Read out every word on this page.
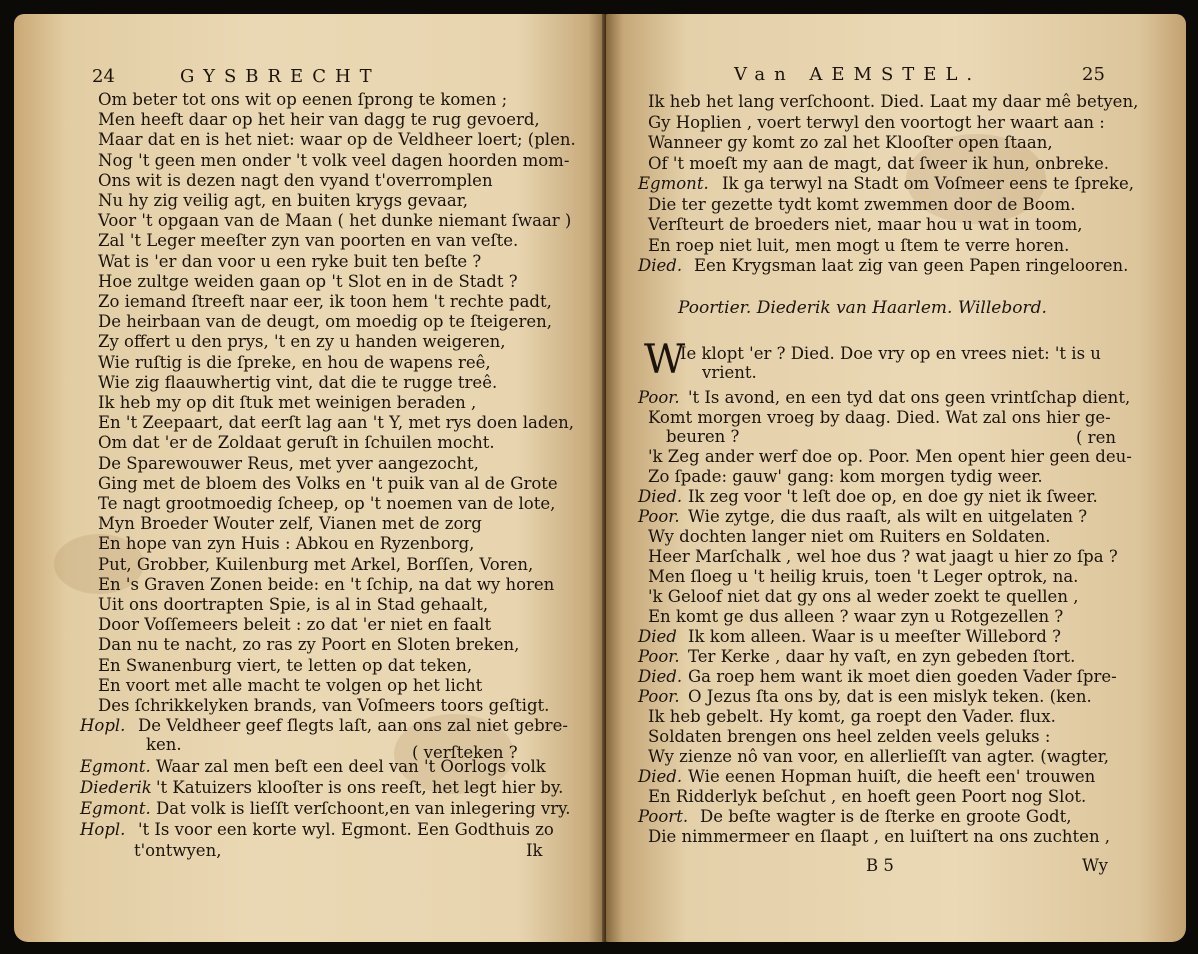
24	GYSBRECHT
Om beter tot ons wit op eenen ſprong te komen ;
Men heeft daar op het heir van dagg te rug gevoerd,
Maar dat en is het niet: waar op de Veldheer loert; (plen.
Nog 't geen men onder 't volk veel dagen hoorden mom-
Ons wit is dezen nagt den vyand t'overromplen
Nu hy zig veilig agt, en buiten krygs gevaar,
Voor 't opgaan van de Maan ( het dunke niemant ſwaar )
Zal 't Leger meeſter zyn van poorten en van veſte.
Wat is 'er dan voor u een ryke buit ten beſte ?
Hoe zultge weiden gaan op 't Slot en in de Stadt ?
Zo iemand ſtreeft naar eer, ik toon hem 't rechte padt,
De heirbaan van de deugt, om moedig op te ſteigeren,
Zy offert u den prys, 't en zy u handen weigeren,
Wie ruſtig is die ſpreke, en hou de wapens reê,
Wie zig flaauwhertig vint, dat die te rugge treê.
Ik heb my op dit ſtuk met weinigen beraden ,
En 't Zeepaart, dat eerſt lag aan 't Y, met rys doen laden,
Om dat 'er de Zoldaat geruſt in ſchuilen mocht.
De Sparewouwer Reus, met yver aangezocht,
Ging met de bloem des Volks en 't puik van al de Grote
Te nagt grootmoedig ſcheep, op 't noemen van de lote,
Myn Broeder Wouter zelf, Vianen met de zorg
En hope van zyn Huis : Abkou en Ryzenborg,
Put, Grobber, Kuilenburg met Arkel, Borſſen, Voren,
En 's Graven Zonen beide: en 't ſchip, na dat wy horen
Uit ons doortrapten Spie, is al in Stad gehaalt,
Door Voſſemeers beleit : zo dat 'er niet en faalt
Dan nu te nacht, zo ras zy Poort en Sloten breken,
En Swanenburg viert, te letten op dat teken,
En voort met alle macht te volgen op het licht
Des ſchrikkelyken brands, van Voſmeers toors geſtigt.
Hopl. De Veldheer geef ſlegts laſt, aan ons zal niet gebre-
ken.	( verſteken ?
Egmont. Waar zal men beſt een deel van 't Oorlogs volk
Diederik 't Katuizers klooſter is ons reeſt, het legt hier by.
Egmont. Dat volk is lieſſt verſchoont,en van inlegering vry.
Hopl. 't Is voor een korte wyl. Egmont. Een Godthuis zo
t'ontwyen,	Ik
Van AEMSTEL.	25
Ik heb het lang verſchoont. Died. Laat my daar mê betyen,
Gy Hoplien , voert terwyl den voortogt her waart aan :
Wanneer gy komt zo zal het Klooſter open ſtaan,
Of 't moeſt my aan de magt, dat ſweer ik hun, onbreke.
Egmont. Ik ga terwyl na Stadt om Voſmeer eens te ſpreke,
Die ter gezette tydt komt zwemmen door de Boom.
Verſteurt de broeders niet, maar hou u wat in toom,
En roep niet luit, men mogt u ſtem te verre horen.
Died. Een Krygsman laat zig van geen Papen ringelooren.
Poortier. Diederik van Haarlem. Willebord.
W
Ie klopt 'er ? Died. Doe vry op en vrees niet: 't is u
vrient.
Poor. 't Is avond, en een tyd dat ons geen vrintſchap dient,
Komt morgen vroeg by daag. Died. Wat zal ons hier ge-
beuren ?	( ren
'k Zeg ander werf doe op. Poor. Men opent hier geen deu-
Zo ſpade: gauw' gang: kom morgen tydig weer.
Died. Ik zeg voor 't leſt doe op, en doe gy niet ik ſweer.
Poor. Wie zytge, die dus raaſt, als wilt en uitgelaten ?
Wy dochten langer niet om Ruiters en Soldaten.
Heer Marſchalk , wel hoe dus ? wat jaagt u hier zo ſpa ?
Men ſloeg u 't heilig kruis, toen 't Leger optrok, na.
'k Geloof niet dat gy ons al weder zoekt te quellen ,
En komt ge dus alleen ? waar zyn u Rotgezellen ?
Died Ik kom alleen. Waar is u meeſter Willebord ?
Poor. Ter Kerke , daar hy vaſt, en zyn gebeden ſtort.
Died. Ga roep hem want ik moet dien goeden Vader ſpre-
Poor. O Jezus ſta ons by, dat is een mislyk teken. (ken.
Ik heb gebelt. Hy komt, ga roept den Vader. flux.
Soldaten brengen ons heel zelden veels geluks :
Wy zienze nô van voor, en allerlieſſt van agter. (wagter,
Died. Wie eenen Hopman huiſt, die heeft een' trouwen
En Ridderlyk beſchut , en hoeft geen Poort nog Slot.
Poort. De beſte wagter is de ſterke en groote Godt,
Die nimmermeer en ſlaapt , en luiſtert na ons zuchten ,
B 5	Wy
